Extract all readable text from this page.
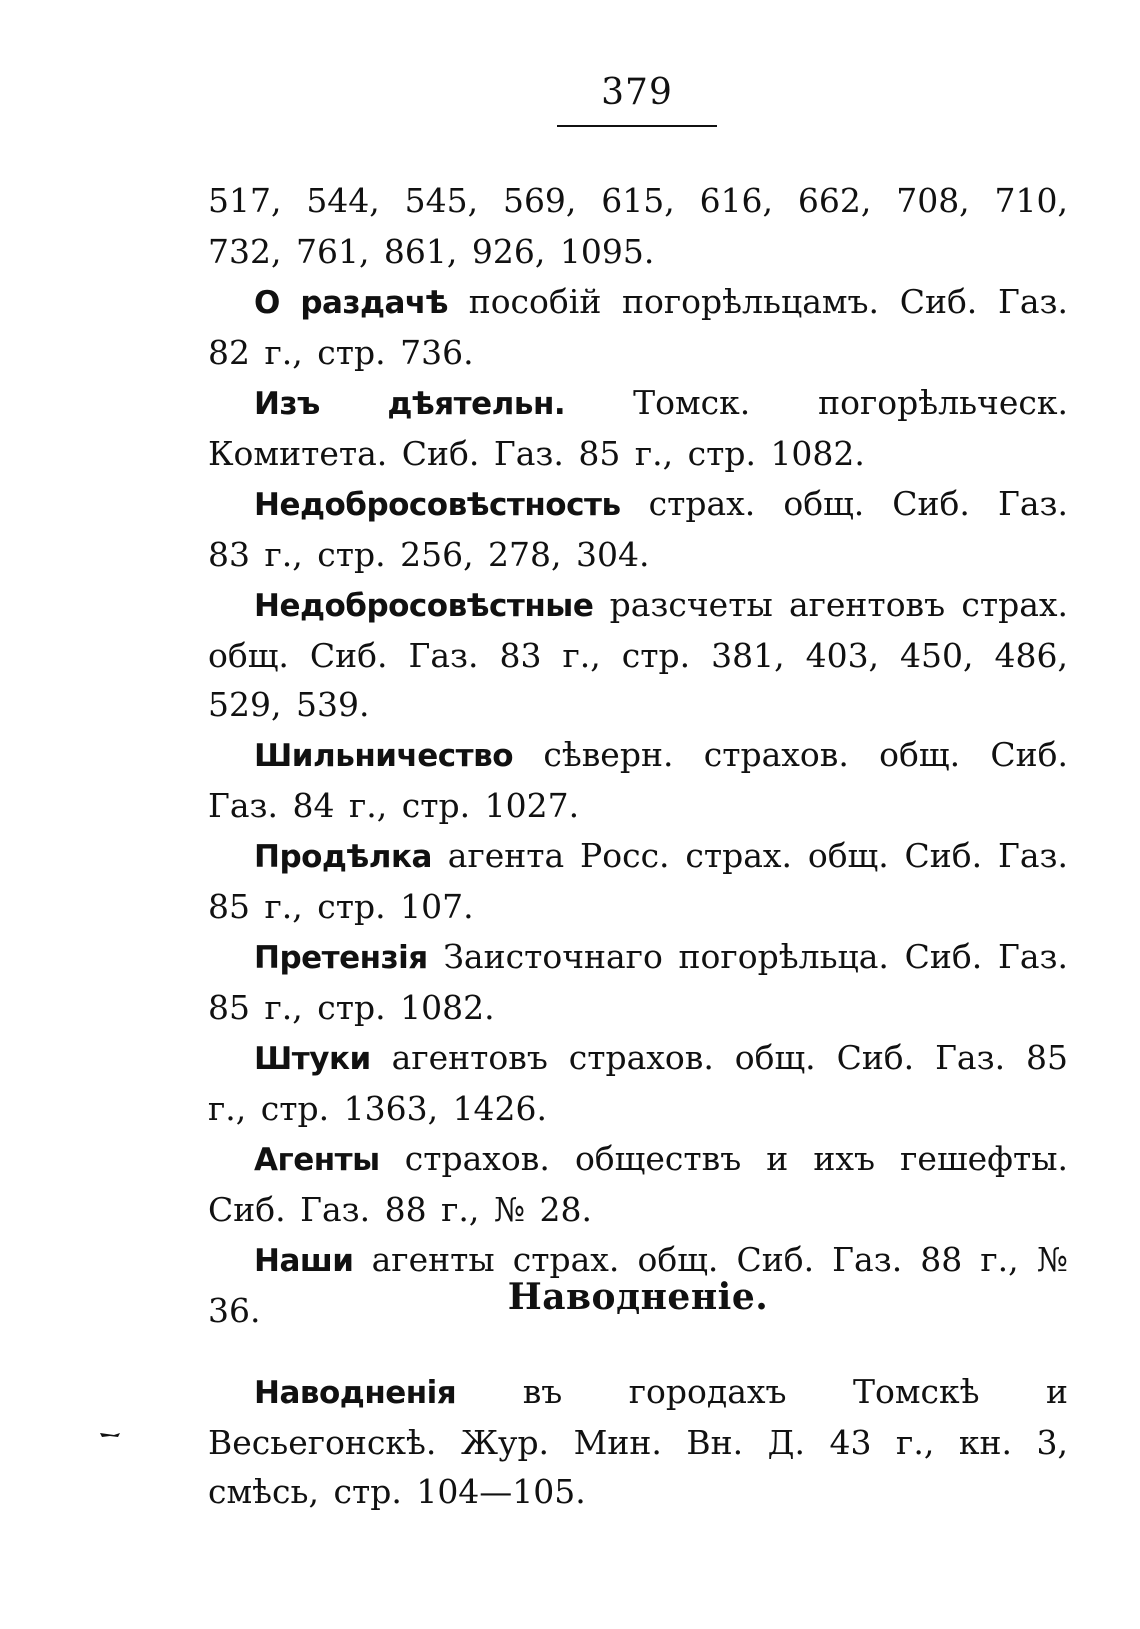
379

517, 544, 545, 569, 615, 616, 662, 708, 710, 732, 761, 861, 926, 1095.

О раздачѣ пособій погорѣльцамъ. Сиб. Газ. 82 г., стр. 736.

Изъ дѣятельн. Томск. погорѣльческ. Комитета. Сиб. Газ. 85 г., стр. 1082.

Недобросовѣстность страх. общ. Сиб. Газ. 83 г., стр. 256, 278, 304.

Недобросовѣстные разсчеты агентовъ страх. общ. Сиб. Газ. 83 г., стр. 381, 403, 450, 486, 529, 539.

Шильничество сѣверн. страхов. общ. Сиб. Газ. 84 г., стр. 1027.

Продѣлка агента Росс. страх. общ. Сиб. Газ. 85 г., стр. 107.

Претензія Заисточнаго погорѣльца. Сиб. Газ. 85 г., стр. 1082.

Штуки агентовъ страхов. общ. Сиб. Газ. 85 г., стр. 1363, 1426.

Агенты страхов. обществъ и ихъ гешефты. Сиб. Газ. 88 г., № 28.

Наши агенты страх. общ. Сиб. Газ. 88 г., № 36.	Наводненіе.

Наводненія въ городахъ Томскѣ и Весьегонскѣ. Жур. Мин. Вн. Д. 43 г., кн. 3, смѣсь, стр. 104—105.
